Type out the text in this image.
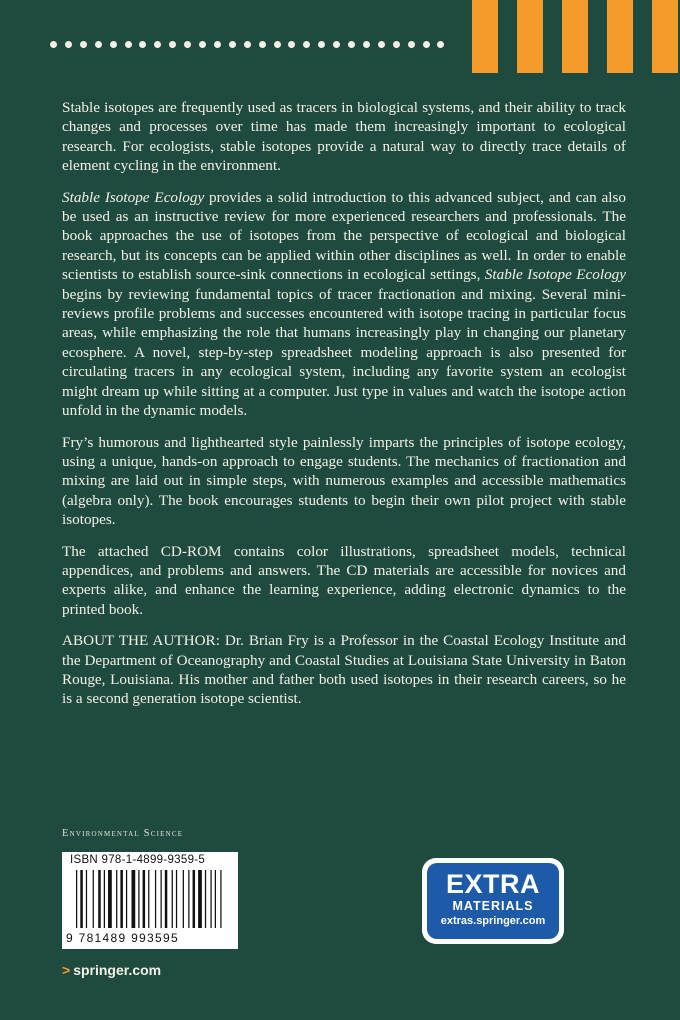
Stable isotopes are frequently used as tracers in biological systems, and their ability to track changes and processes over time has made them increasingly important to ecological research. For ecologists, stable isotopes provide a natural way to directly trace details of element cycling in the environment.

Stable Isotope Ecology provides a solid introduction to this advanced subject, and can also be used as an instructive review for more experienced researchers and professionals. The book approaches the use of isotopes from the perspective of ecological and biological research, but its concepts can be applied within other disciplines as well. In order to enable scientists to establish source-sink connections in ecological settings, Stable Isotope Ecology begins by reviewing fundamental topics of tracer fractionation and mixing. Several mini-reviews profile problems and successes encountered with isotope tracing in particular focus areas, while emphasizing the role that humans increasingly play in changing our planetary ecosphere. A novel, step-by-step spreadsheet modeling approach is also presented for circulating tracers in any ecological system, including any favorite system an ecologist might dream up while sitting at a computer. Just type in values and watch the isotope action unfold in the dynamic models.

Fry’s humorous and lighthearted style painlessly imparts the principles of isotope ecology, using a unique, hands-on approach to engage students. The mechanics of fractionation and mixing are laid out in simple steps, with numerous examples and accessible mathematics (algebra only). The book encourages students to begin their own pilot project with stable isotopes.

The attached CD-ROM contains color illustrations, spreadsheet models, technical appendices, and problems and answers. The CD materials are accessible for novices and experts alike, and enhance the learning experience, adding electronic dynamics to the printed book.

ABOUT THE AUTHOR: Dr. Brian Fry is a Professor in the Coastal Ecology Institute and the Department of Oceanography and Coastal Studies at Louisiana State University in Baton Rouge, Louisiana. His mother and father both used isotopes in their research careers, so he is a second generation isotope scientist.

Environmental Science
ISBN 978-1-4899-9359-5
9 781489 993595
> springer.com
EXTRA
MATERIALS
extras.springer.com
